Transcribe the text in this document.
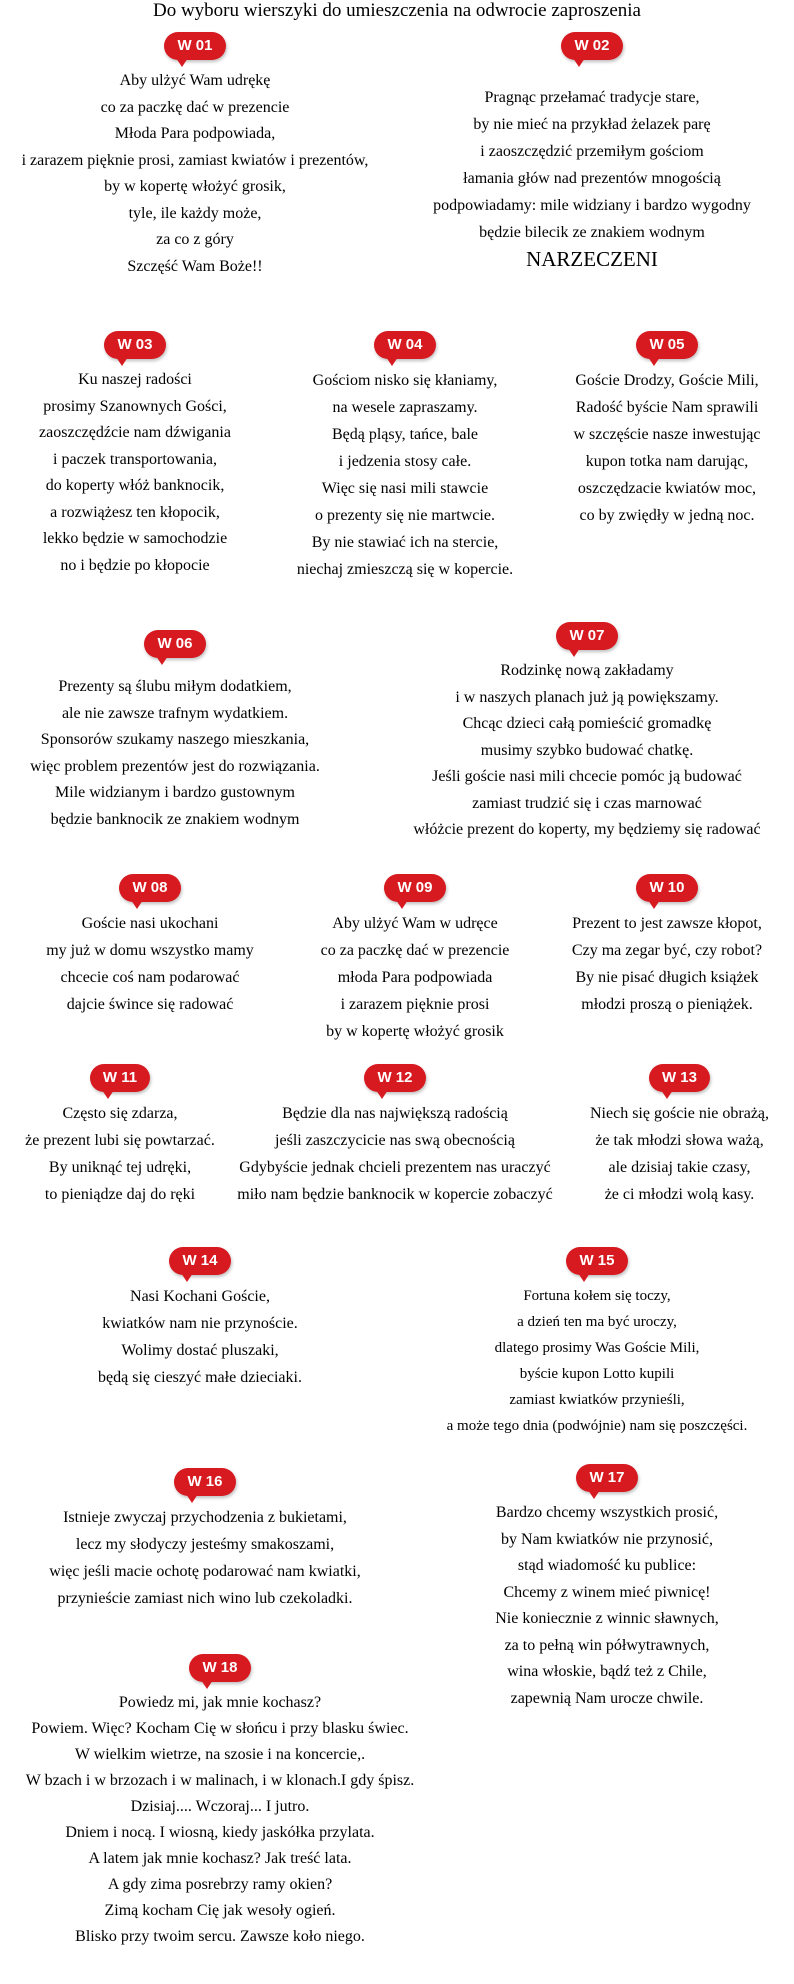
Do wyboru wierszyki do umieszczenia na odwrocie zaproszenia
W 01
Aby ulżyć Wam udrękę
co za paczkę dać w prezencie
Młoda Para podpowiada,
i zarazem pięknie prosi, zamiast kwiatów i prezentów,
by w kopertę włożyć grosik,
tyle, ile każdy może,
za co z góry
Szczęść Wam Boże!!
W 02
Pragnąc przełamać tradycje stare,
by nie mieć na przykład żelazek parę
i zaoszczędzić przemiłym gościom
łamania głów nad prezentów mnogością
podpowiadamy: mile widziany i bardzo wygodny
będzie bilecik ze znakiem wodnym
NARZECZENI
W 03
Ku naszej radości
prosimy Szanownych Gości,
zaoszczędźcie nam dźwigania
i paczek transportowania,
do koperty włóż banknocik,
a rozwiążesz ten kłopocik,
lekko będzie w samochodzie
no i będzie po kłopocie
W 04
Gościom nisko się kłaniamy,
na wesele zapraszamy.
Będą pląsy, tańce, bale
i jedzenia stosy całe.
Więc się nasi mili stawcie
o prezenty się nie martwcie.
By nie stawiać ich na stercie,
niechaj zmieszczą się w kopercie.
W 05
Goście Drodzy, Goście Mili,
Radość byście Nam sprawili
w szczęście nasze inwestując
kupon totka nam darując,
oszczędzacie kwiatów moc,
co by zwiędły w jedną noc.
W 06
Prezenty są ślubu miłym dodatkiem,
ale nie zawsze trafnym wydatkiem.
Sponsorów szukamy naszego mieszkania,
więc problem prezentów jest do rozwiązania.
Mile widzianym i bardzo gustownym
będzie banknocik ze znakiem wodnym
W 07
Rodzinkę nową zakładamy
i w naszych planach już ją powiększamy.
Chcąc dzieci całą pomieścić gromadkę
musimy szybko budować chatkę.
Jeśli goście nasi mili chcecie pomóc ją budować
zamiast trudzić się i czas marnować
włóżcie prezent do koperty, my będziemy się radować
W 08
Goście nasi ukochani
my już w domu wszystko mamy
chcecie coś nam podarować
dajcie śwince się radować
W 09
Aby ulżyć Wam w udręce
co za paczkę dać w prezencie
młoda Para podpowiada
i zarazem pięknie prosi
by w kopertę włożyć grosik
W 10
Prezent to jest zawsze kłopot,
Czy ma zegar być, czy robot?
By nie pisać długich książek
młodzi proszą o pieniążek.
W 11
Często się zdarza,
że prezent lubi się powtarzać.
By uniknąć tej udręki,
to pieniądze daj do ręki
W 12
Będzie dla nas największą radością
jeśli zaszczycicie nas swą obecnością
Gdybyście jednak chcieli prezentem nas uraczyć
miło nam będzie banknocik w kopercie zobaczyć
W 13
Niech się goście nie obrażą,
że tak młodzi słowa ważą,
ale dzisiaj takie czasy,
że ci młodzi wolą kasy.
W 14
Nasi Kochani Goście,
kwiatków nam nie przynoście.
Wolimy dostać pluszaki,
będą się cieszyć małe dzieciaki.
W 15
Fortuna kołem się toczy,
a dzień ten ma być uroczy,
dlatego prosimy Was Goście Mili,
byście kupon Lotto kupili
zamiast kwiatków przynieśli,
a może tego dnia (podwójnie) nam się poszczęści.
W 16
Istnieje zwyczaj przychodzenia z bukietami,
lecz my słodyczy jesteśmy smakoszami,
więc jeśli macie ochotę podarować nam kwiatki,
przynieście zamiast nich wino lub czekoladki.
W 17
Bardzo chcemy wszystkich prosić,
by Nam kwiatków nie przynosić,
stąd wiadomość ku publice:
Chcemy z winem mieć piwnicę!
Nie koniecznie z winnic sławnych,
za to pełną win półwytrawnych,
wina włoskie, bądź też z Chile,
zapewnią Nam urocze chwile.
W 18
Powiedz mi, jak mnie kochasz?
Powiem. Więc? Kocham Cię w słońcu i przy blasku świec.
W wielkim wietrze, na szosie i na koncercie,.
W bzach i w brzozach i w malinach, i w klonach.I gdy śpisz.
Dzisiaj.... Wczoraj... I jutro.
Dniem i nocą. I wiosną, kiedy jaskółka przylata.
A latem jak mnie kochasz? Jak treść lata.
A gdy zima posrebrzy ramy okien?
Zimą kocham Cię jak wesoły ogień.
Blisko przy twoim sercu. Zawsze koło niego.
